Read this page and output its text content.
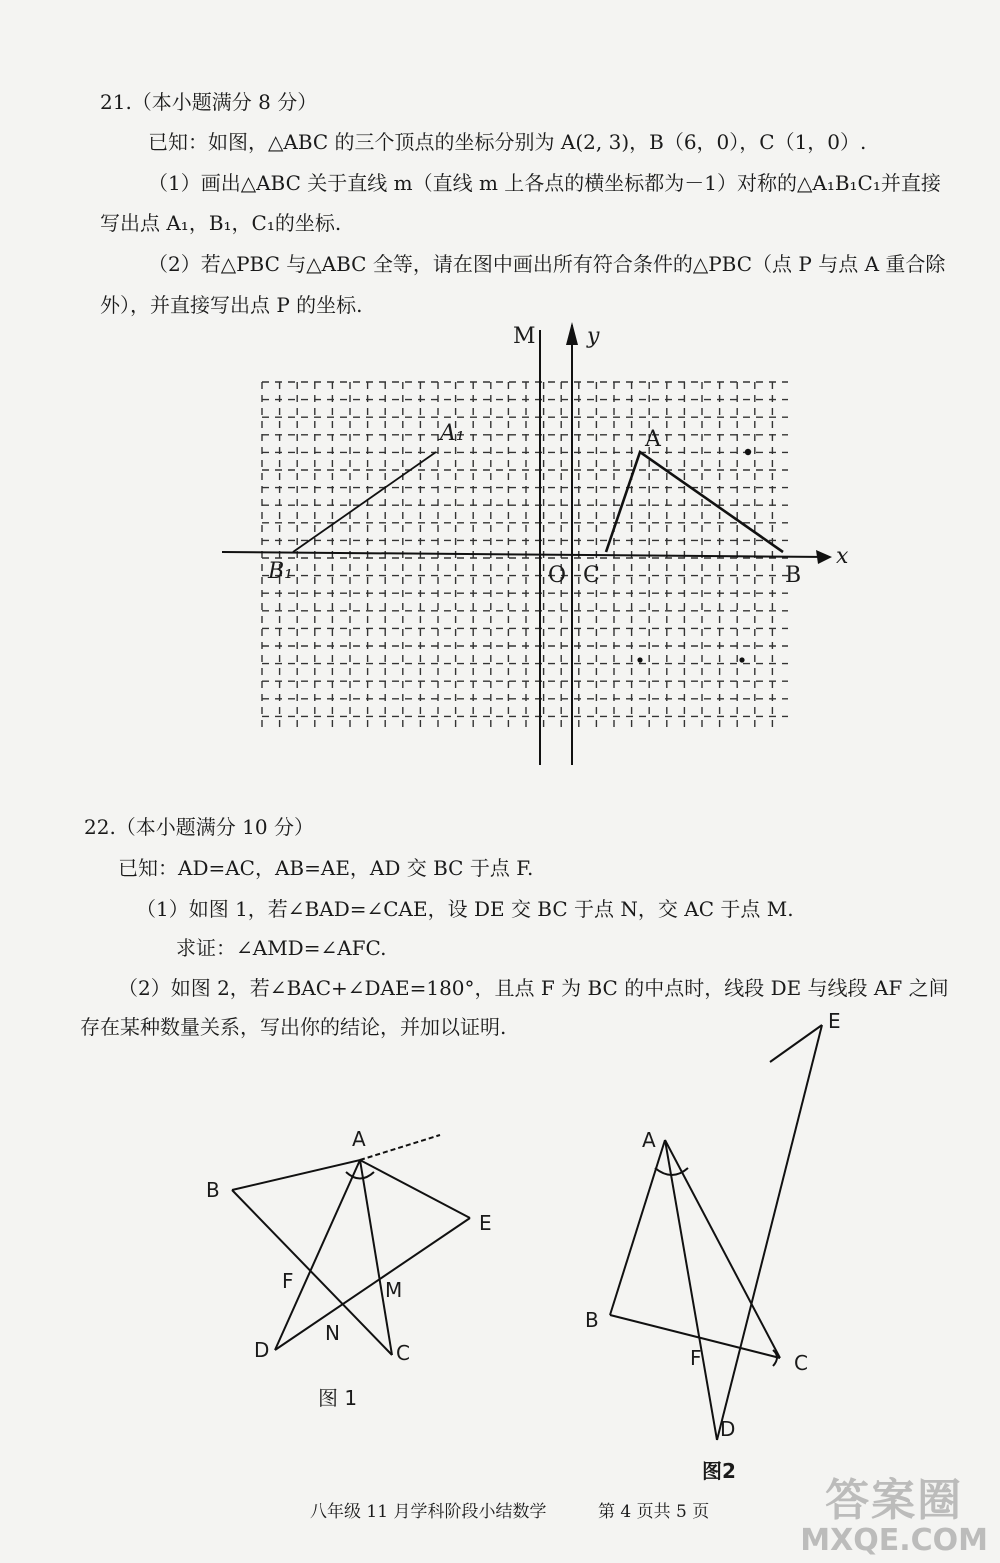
21.（本小题满分 8 分）
已知：如图，△ABC 的三个顶点的坐标分别为 A(2, 3)，B（6，0），C（1，0）.
（1）画出△ABC 关于直线 m（直线 m 上各点的横坐标都为－1）对称的△A₁B₁C₁并直接
写出点 A₁，B₁，C₁的坐标.
（2）若△PBC 与△ABC 全等，请在图中画出所有符合条件的△PBC（点 P 与点 A 重合除
外），并直接写出点 P 的坐标.
22.（本小题满分 10 分）
已知：AD=AC，AB=AE，AD 交 BC 于点 F.
（1）如图 1，若∠BAD=∠CAE，设 DE 交 BC 于点 N，交 AC 于点 M.
求证：∠AMD=∠AFC.
（2）如图 2，若∠BAC+∠DAE=180°，且点 F 为 BC 的中点时，线段 DE 与线段 AF 之间
存在某种数量关系，写出你的结论，并加以证明.
M y
x
O C	B
A
A₁
B₁
A
B
C
D
E
F	M
N
图 1
A
B
C
D
E
F
图2
八年级 11 月学科阶段小结数学	第 4 页共 5 页	答案圈
MXQE.COM
